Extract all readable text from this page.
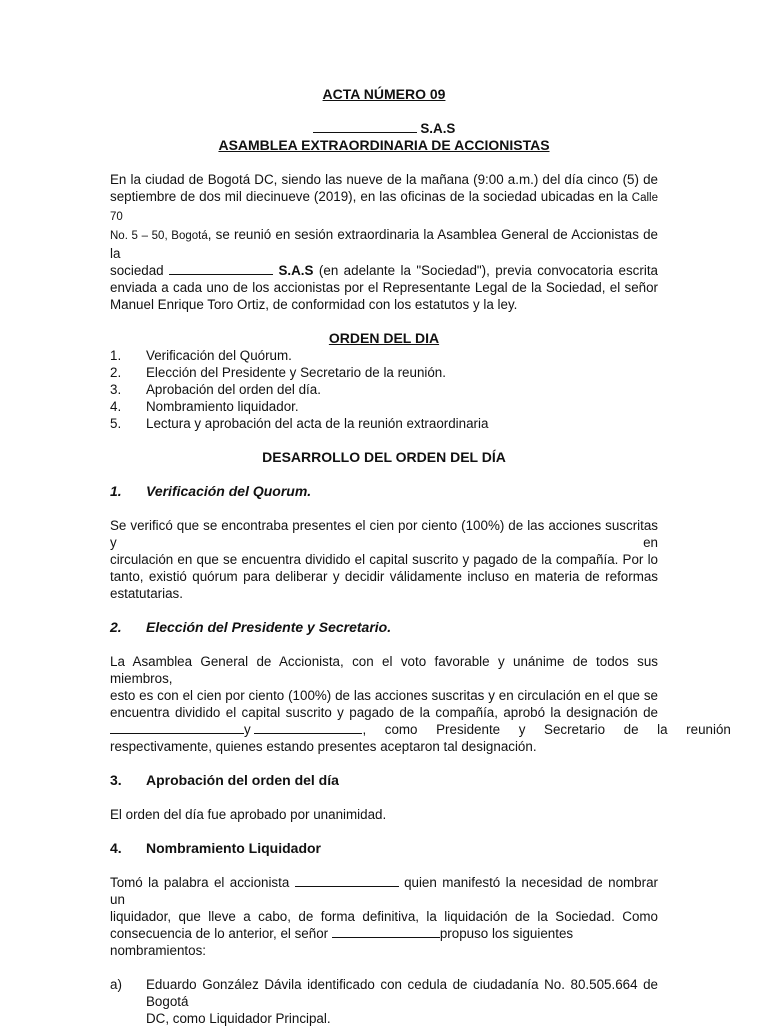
ACTA NÚMERO 09

S.A.S

ASAMBLEA EXTRAORDINARIA DE ACCIONISTAS

En la ciudad de Bogotá DC, siendo las nueve de la mañana (9:00 a.m.) del día cinco (5) de

septiembre de dos mil diecinueve (2019), en las oficinas de la sociedad ubicadas en la Calle 70

No. 5 – 50, Bogotá, se reunió en sesión extraordinaria la Asamblea General de Accionistas de la

sociedad	S.A.S (en adelante la "Sociedad"), previa convocatoria escrita

enviada a cada uno de los accionistas por el Representante Legal de la Sociedad, el señor

Manuel Enrique Toro Ortiz, de conformidad con los estatutos y la ley.

ORDEN DEL DIA

1.	Verificación del Quórum.
2.	Elección del Presidente y Secretario de la reunión.
3.	Aprobación del orden del día.
4.	Nombramiento liquidador.
5.	Lectura y aprobación del acta de la reunión extraordinaria

DESARROLLO DEL ORDEN DEL DÍA

1.	Verificación del Quorum.

Se verificó que se encontraba presentes el cien por ciento (100%) de las acciones suscritas y en

circulación en que se encuentra dividido el capital suscrito y pagado de la compañía. Por lo

tanto, existió quórum para deliberar y decidir válidamente incluso en materia de reformas

estatutarias.

2.	Elección del Presidente y Secretario.

La Asamblea General de Accionista, con el voto favorable y unánime de todos sus miembros,

esto es con el cien por ciento (100%) de las acciones suscritas y en circulación en el que se

encuentra dividido el capital suscrito y pagado de la compañía, aprobó la designación de

y	,     como     Presidente     y     Secretario     de     la     reunión

respectivamente, quienes estando presentes aceptaron tal designación.

3.	Aprobación del orden del día

El orden del día fue aprobado por unanimidad.

4.	Nombramiento Liquidador

Tomó la palabra el accionista	quien manifestó la necesidad de nombrar un

liquidador, que lleve a cabo, de forma definitiva, la liquidación de la Sociedad. Como

consecuencia de lo anterior, el señor	propuso los siguientes nombramientos:

a)	Eduardo González Dávila identificado con cedula de ciudadanía No. 80.505.664 de Bogotá

DC, como Liquidador Principal.
